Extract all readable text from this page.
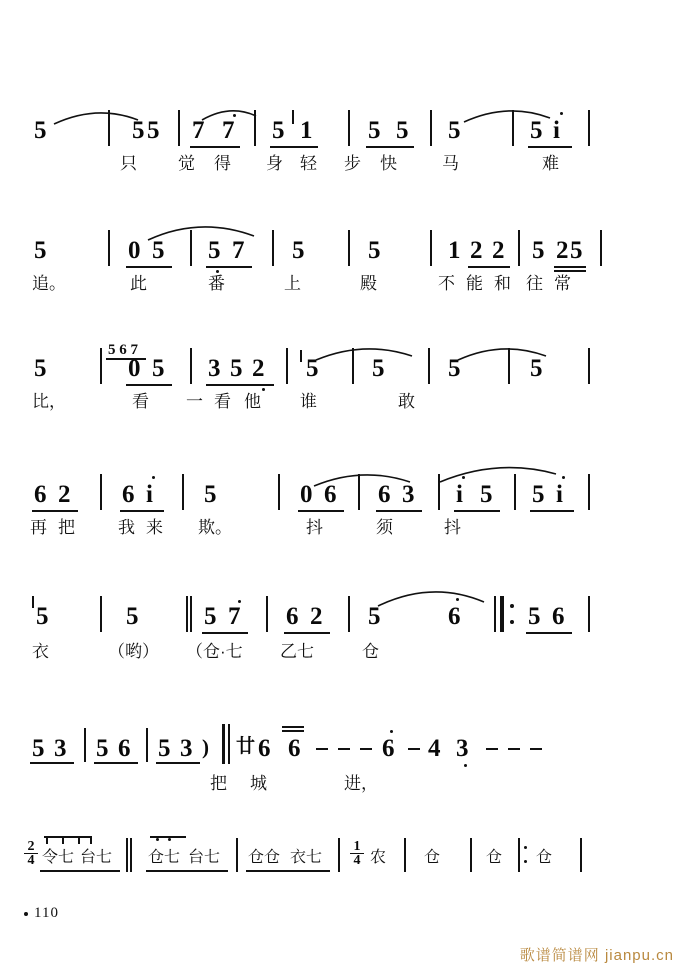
5	5 5 7 7 5 1 5 5 5	5 i
只 觉 得 身 轻 步 快	马	难
5	0 5 5 7 5	5	1 2 2 5 2 5
追。	此	番	上	殿	不 能 和 往 常
5
5 6 7
0 5 3 5 2 5 5	5	5
比，	看 一 看 他 谁	敢
6 2 6 i 5	0 6 6 3 i 5 5 i
再 把	我 来 欺。	抖	须	抖
5	5	5 7 6 2 5	6	5 6
衣	（哟） （仓·七 乙七	仓
5 3 5 6 5 3 ) 廿 6 6	6 4 3
把 城	进，
$\frac{2}{4}$ 令七 台七 仓七 台七 仓仓 衣七 $\frac{1}{4}$ 农 仓	仓 仓
110
歌谱简谱网 jianpu.cn
